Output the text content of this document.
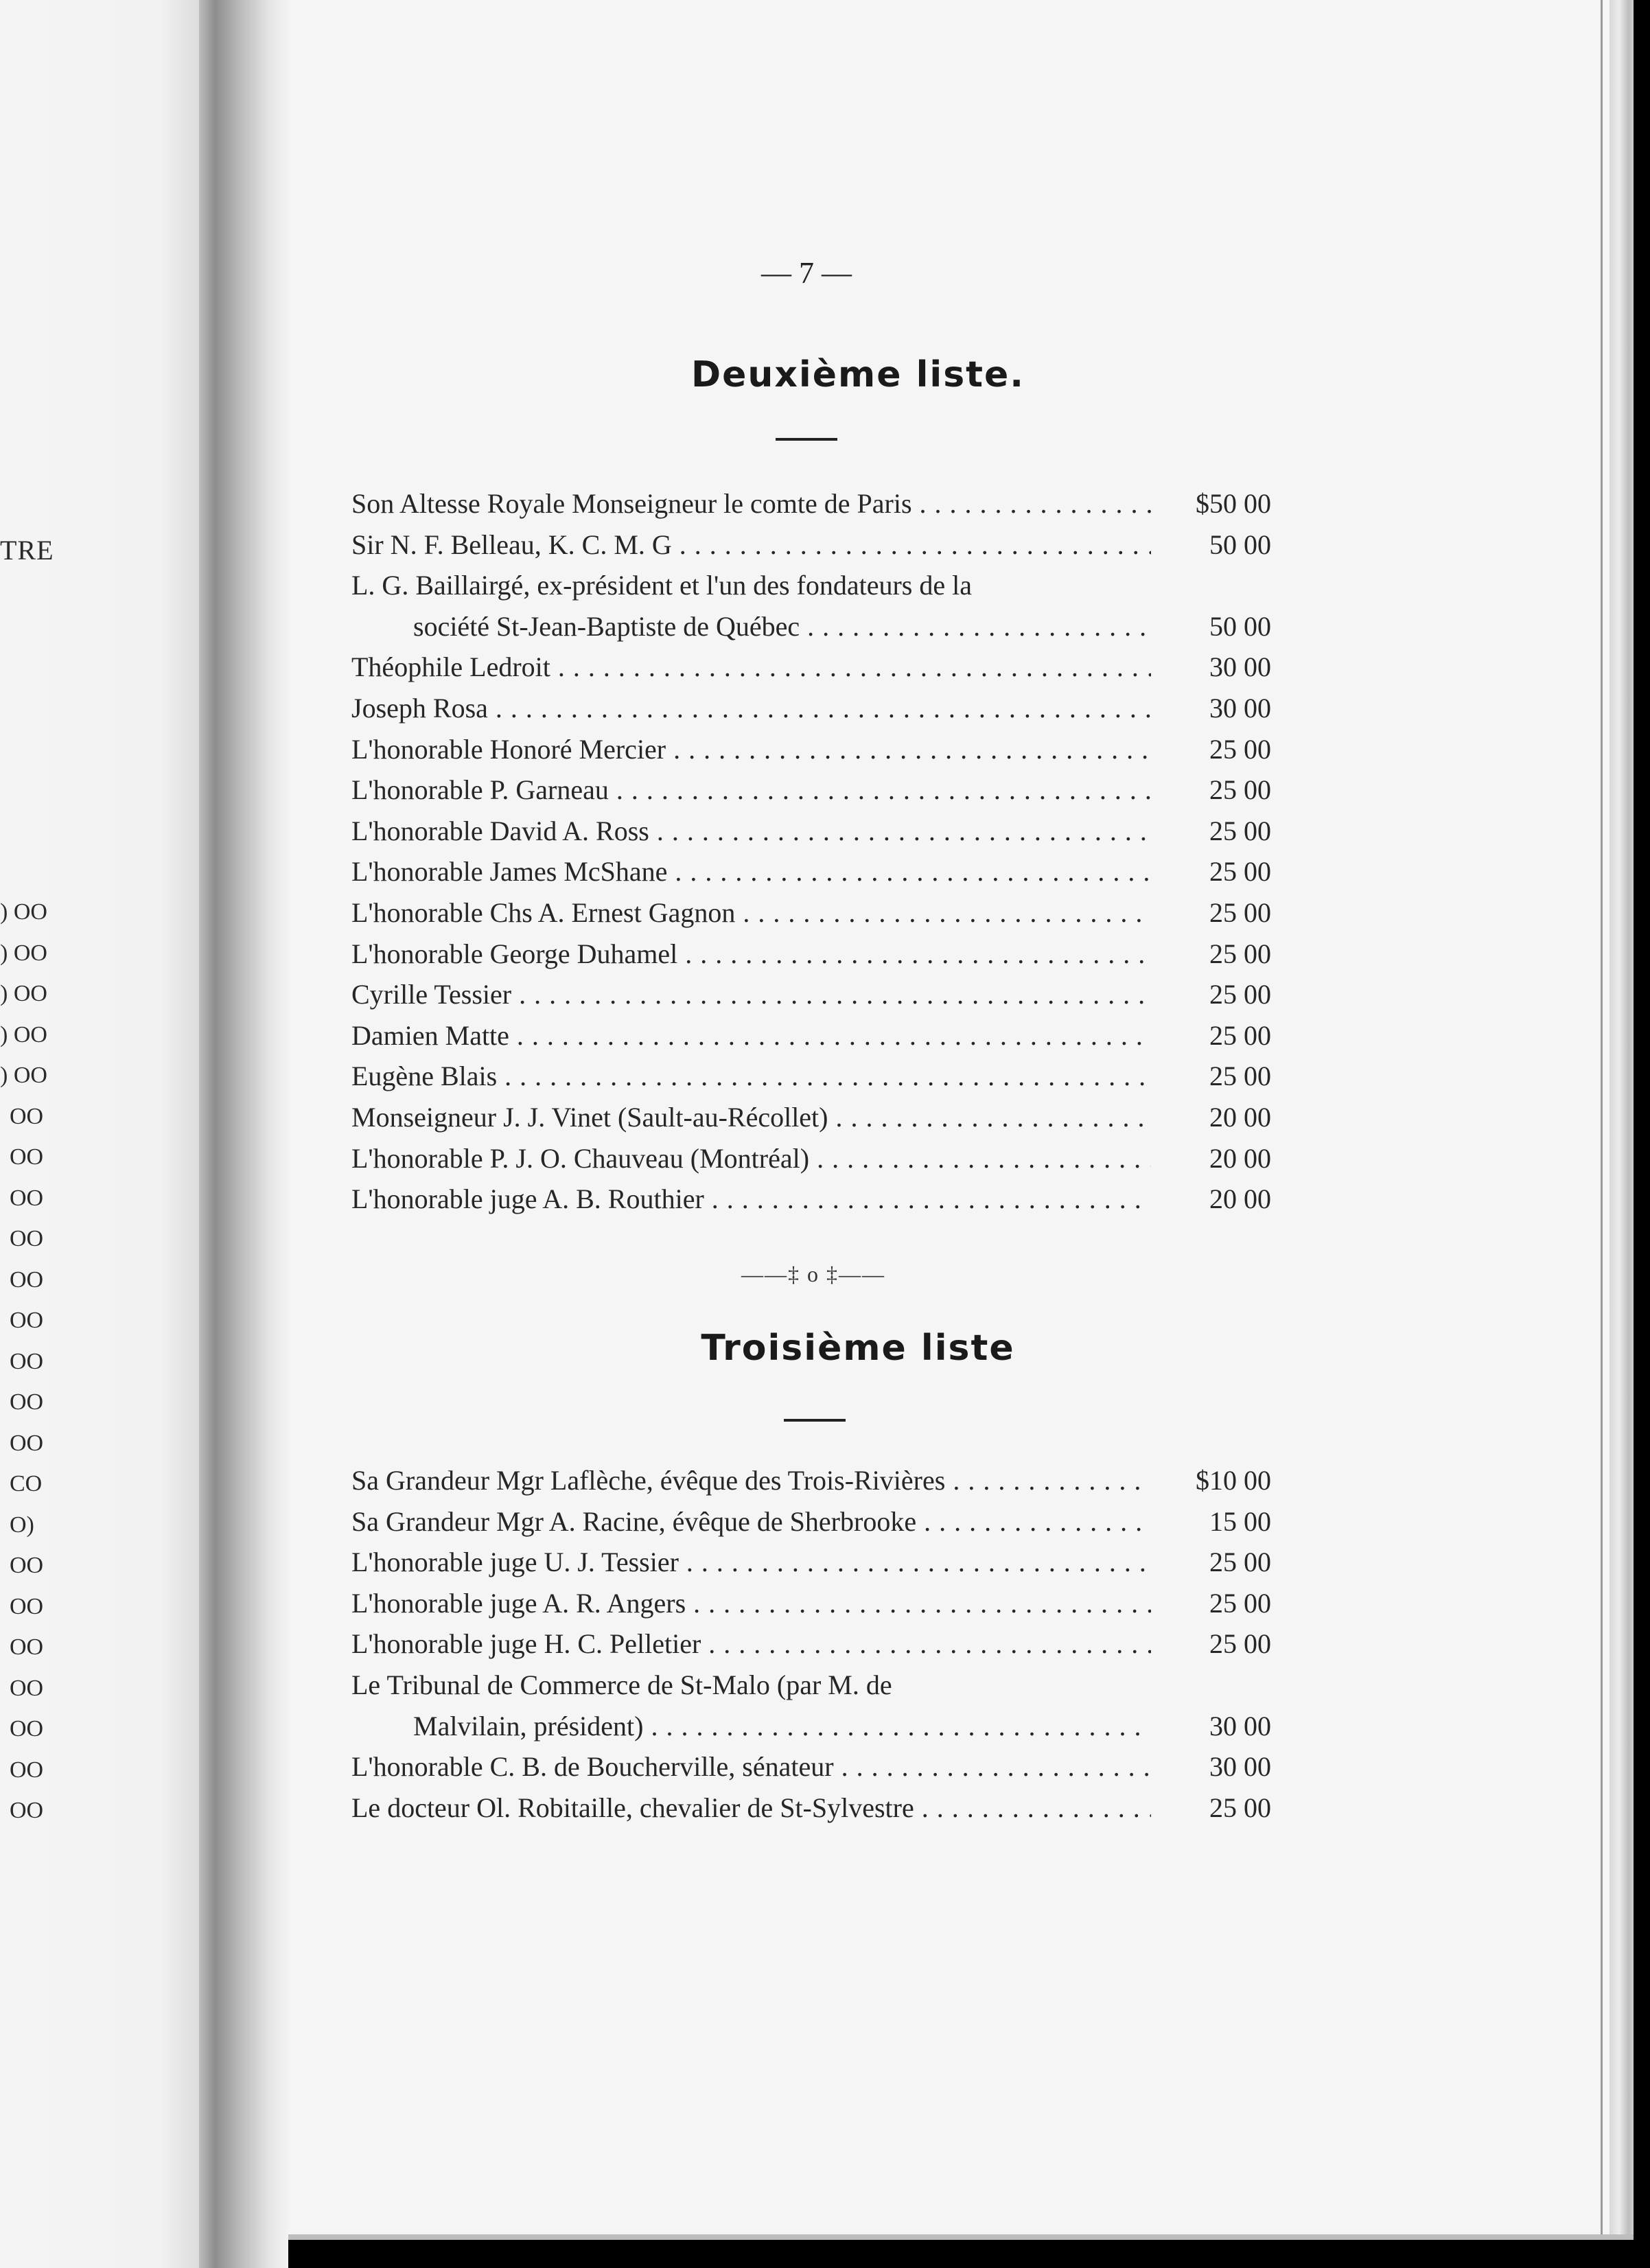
TRE
) OO
) OO
) OO
) OO
) OO
OO
OO
OO
OO
OO
OO
OO
OO
OO
CO
O)
OO
OO
OO
OO
OO
OO
OO
— 7 —
Deuxième liste.
Son Altesse Royale Monseigneur le comte de Paris . . .	$50 00
Sir N. F. Belleau, K. C. M. G . . .	50 00
L. G. Baillairgé, ex-président et l'un des fondateurs de la
société St-Jean-Baptiste de Québec . . .	50 00
Théophile Ledroit . . .	30 00
Joseph Rosa . . .	30 00
L'honorable Honoré Mercier . . .	25 00
L'honorable P. Garneau . . .	25 00
L'honorable David A. Ross . . .	25 00
L'honorable James McShane . . .	25 00
L'honorable Chs A. Ernest Gagnon . . .	25 00
L'honorable George Duhamel . . .	25 00
Cyrille Tessier . . .	25 00
Damien Matte . . .	25 00
Eugène Blais . . .	25 00
Monseigneur J. J. Vinet (Sault-au-Récollet) . . .	20 00
L'honorable P. J. O. Chauveau (Montréal) . . .	20 00
L'honorable juge A. B. Routhier . . .	20 00
——‡ o ‡——
Troisième liste
Sa Grandeur Mgr Laflèche, évêque des Trois-Rivières . . .	$10 00
Sa Grandeur Mgr A. Racine, évêque de Sherbrooke . . .	15 00
L'honorable juge U. J. Tessier . . .	25 00
L'honorable juge A. R. Angers . . .	25 00
L'honorable juge H. C. Pelletier . . .	25 00
Le Tribunal de Commerce de St-Malo (par M. de
Malvilain, président) . . .	30 00
L'honorable C. B. de Boucherville, sénateur . . .	30 00
Le docteur Ol. Robitaille, chevalier de St-Sylvestre . . .	25 00
